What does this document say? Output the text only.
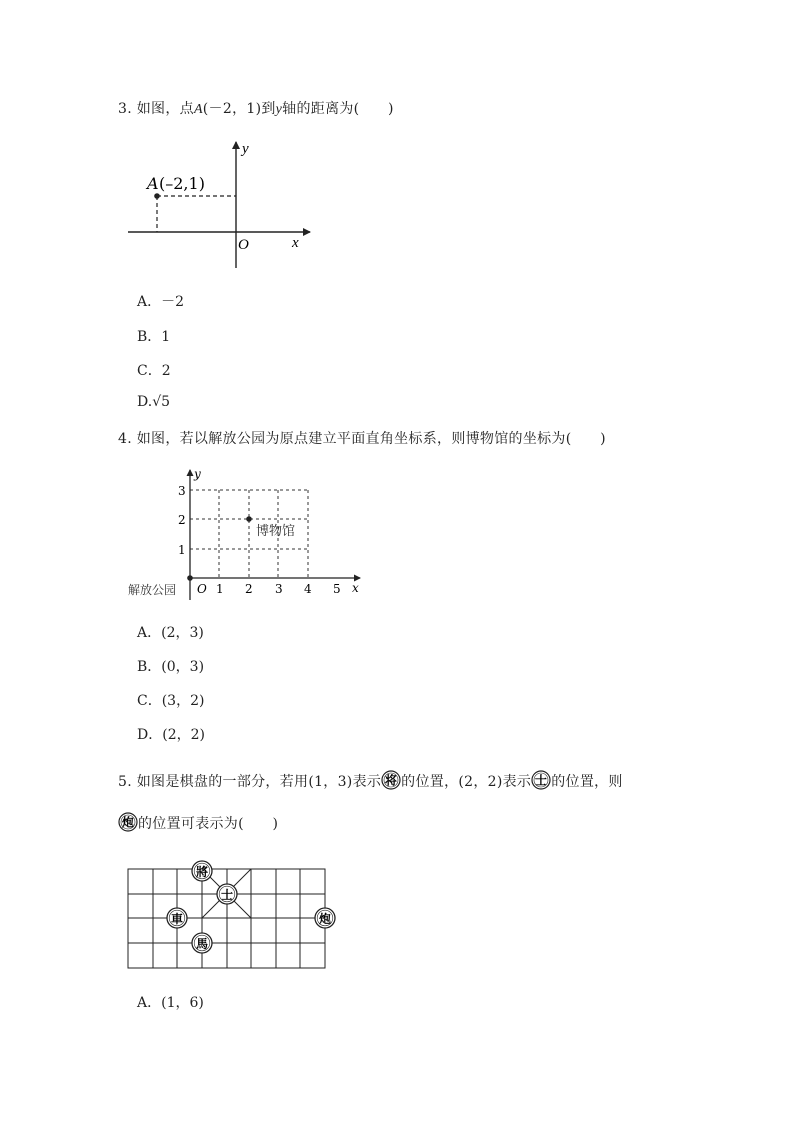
3. 如图，点A(－2，1)到y轴的距离为(　　)
y
x
O
A (–2,1)
A．－2
B．1
C．2
D.√5
4. 如图，若以解放公园为原点建立平面直角坐标系，则博物馆的坐标为(　　)
y
x
O
解放公园
博物馆
1 2 3 4 5
1
2
3
A．(2，3)
B．(0，3)
C．(3，2)
D．(2，2)
5. 如图是棋盘的一部分，若用(1，3)表示 将 的位置，(2，2)表示 士 的位置，则
炮 的位置可表示为(　　)
將
士
車
馬
炮
A．(1，6)
